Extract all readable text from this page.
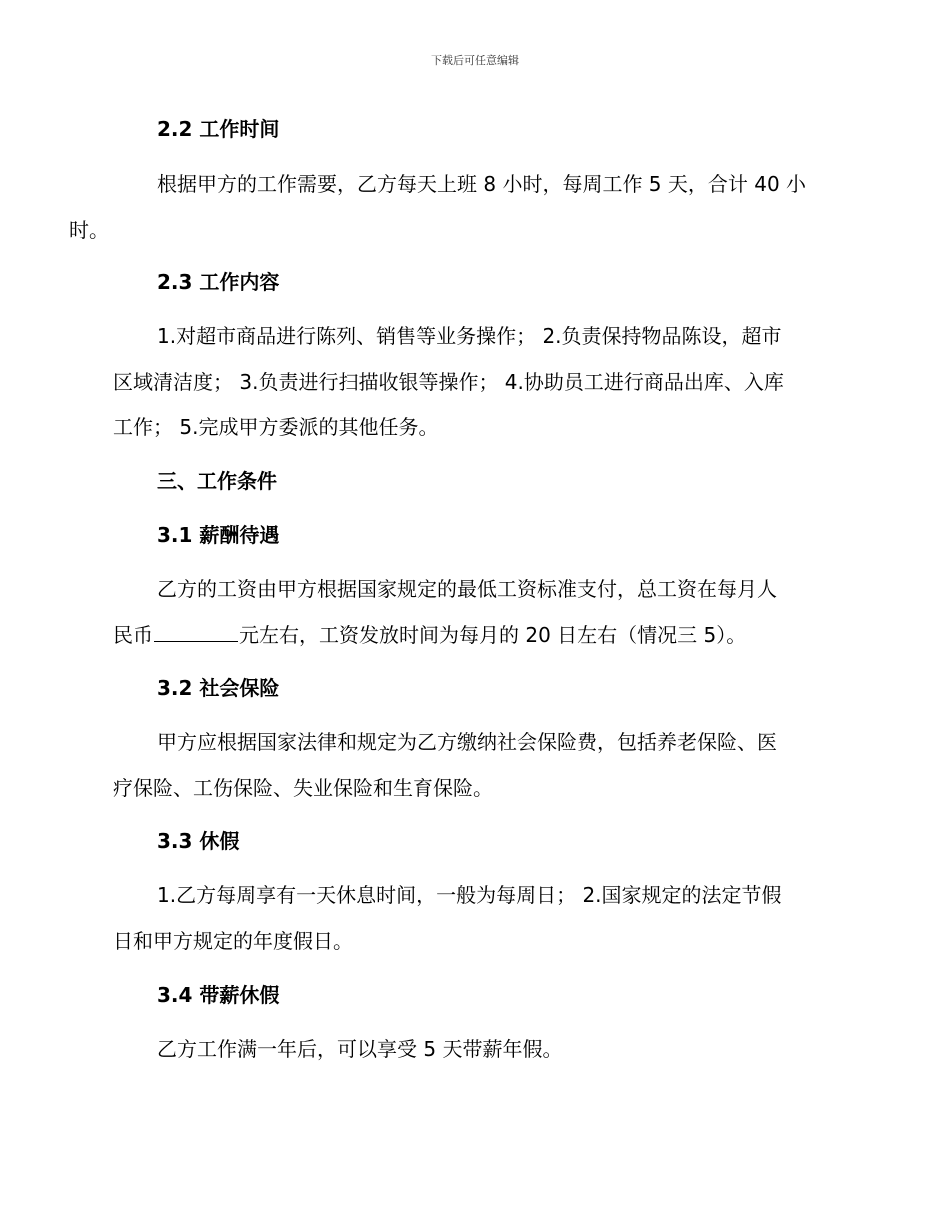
下载后可任意编辑
2.2 工作时间
根据甲方的工作需要，乙方每天上班 8 小时，每周工作 5 天，合计 40 小
时。
2.3 工作内容
1.对超市商品进行陈列、销售等业务操作； 2.负责保持物品陈设，超市
区域清洁度； 3.负责进行扫描收银等操作； 4.协助员工进行商品出库、入库
工作； 5.完成甲方委派的其他任务。
三、工作条件
3.1 薪酬待遇
乙方的工资由甲方根据国家规定的最低工资标准支付，总工资在每月人
民币	元左右，工资发放时间为每月的 20 日左右（情况三 5）。
3.2 社会保险
甲方应根据国家法律和规定为乙方缴纳社会保险费，包括养老保险、医
疗保险、工伤保险、失业保险和生育保险。
3.3 休假
1.乙方每周享有一天休息时间，一般为每周日； 2.国家规定的法定节假
日和甲方规定的年度假日。
3.4 带薪休假
乙方工作满一年后，可以享受 5 天带薪年假。
